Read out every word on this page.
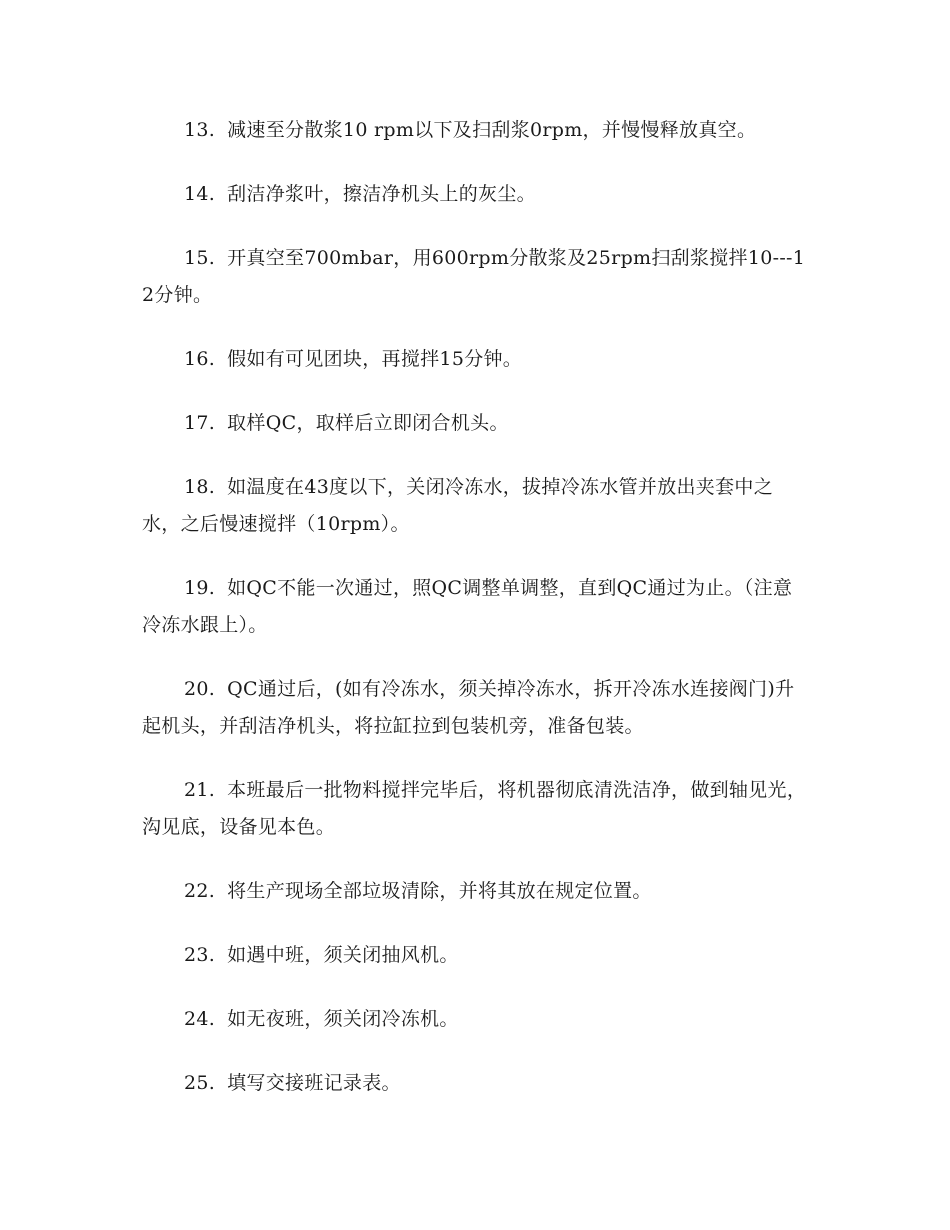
13. 减速至分散浆10 rpm以下及扫刮浆0rpm，并慢慢释放真空。

14. 刮洁净浆叶，擦洁净机头上的灰尘。

15. 开真空至700mbar，用600rpm分散浆及25rpm扫刮浆搅拌10---12分钟。

16. 假如有可见团块，再搅拌15分钟。

17. 取样QC，取样后立即闭合机头。

18. 如温度在43度以下，关闭冷冻水，拔掉冷冻水管并放出夹套中之水，之后慢速搅拌（10rpm）。

19. 如QC不能一次通过，照QC调整单调整，直到QC通过为止。（注意冷冻水跟上）。

20. QC通过后，(如有冷冻水，须关掉冷冻水，拆开冷冻水连接阀门)升起机头，并刮洁净机头，将拉缸拉到包装机旁，准备包装。

21. 本班最后一批物料搅拌完毕后，将机器彻底清洗洁净，做到轴见光，沟见底，设备见本色。

22. 将生产现场全部垃圾清除，并将其放在规定位置。

23. 如遇中班，须关闭抽风机。

24. 如无夜班，须关闭冷冻机。

25. 填写交接班记录表。
